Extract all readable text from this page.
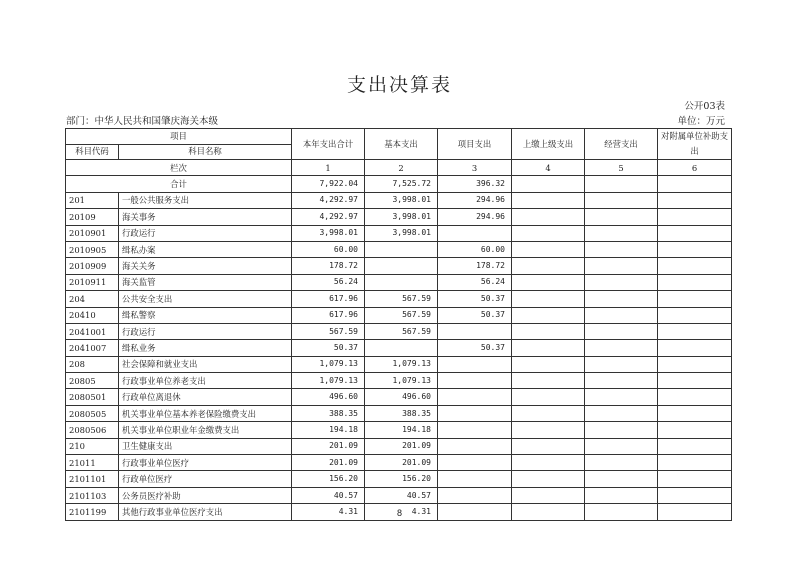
支出决算表
公开03表
部门：中华人民共和国肇庆海关本级	单位：万元
项目		本年支出合计	基本支出	项目支出	上缴上级支出	经营支出	对附属单位补助支出
科目代码	科目名称						
栏次		1	2	3	4	5	6
合计		7,922.04	7,525.72	396.32			
201	一般公共服务支出	4,292.97	3,998.01	294.96			
20109	海关事务	4,292.97	3,998.01	294.96			
2010901	行政运行	3,998.01	3,998.01				
2010905	缉私办案	60.00		60.00			
2010909	海关关务	178.72		178.72			
2010911	海关监管	56.24		56.24			
204	公共安全支出	617.96	567.59	50.37			
20410	缉私警察	617.96	567.59	50.37			
2041001	行政运行	567.59	567.59				
2041007	缉私业务	50.37		50.37			
208	社会保障和就业支出	1,079.13	1,079.13				
20805	行政事业单位养老支出	1,079.13	1,079.13				
2080501	行政单位离退休	496.60	496.60				
2080505	机关事业单位基本养老保险缴费支出	388.35	388.35				
2080506	机关事业单位职业年金缴费支出	194.18	194.18				
210	卫生健康支出	201.09	201.09				
21011	行政事业单位医疗	201.09	201.09				
2101101	行政单位医疗	156.20	156.20				
2101103	公务员医疗补助	40.57	40.57				
2101199	其他行政事业单位医疗支出	4.31	4.31				
8
